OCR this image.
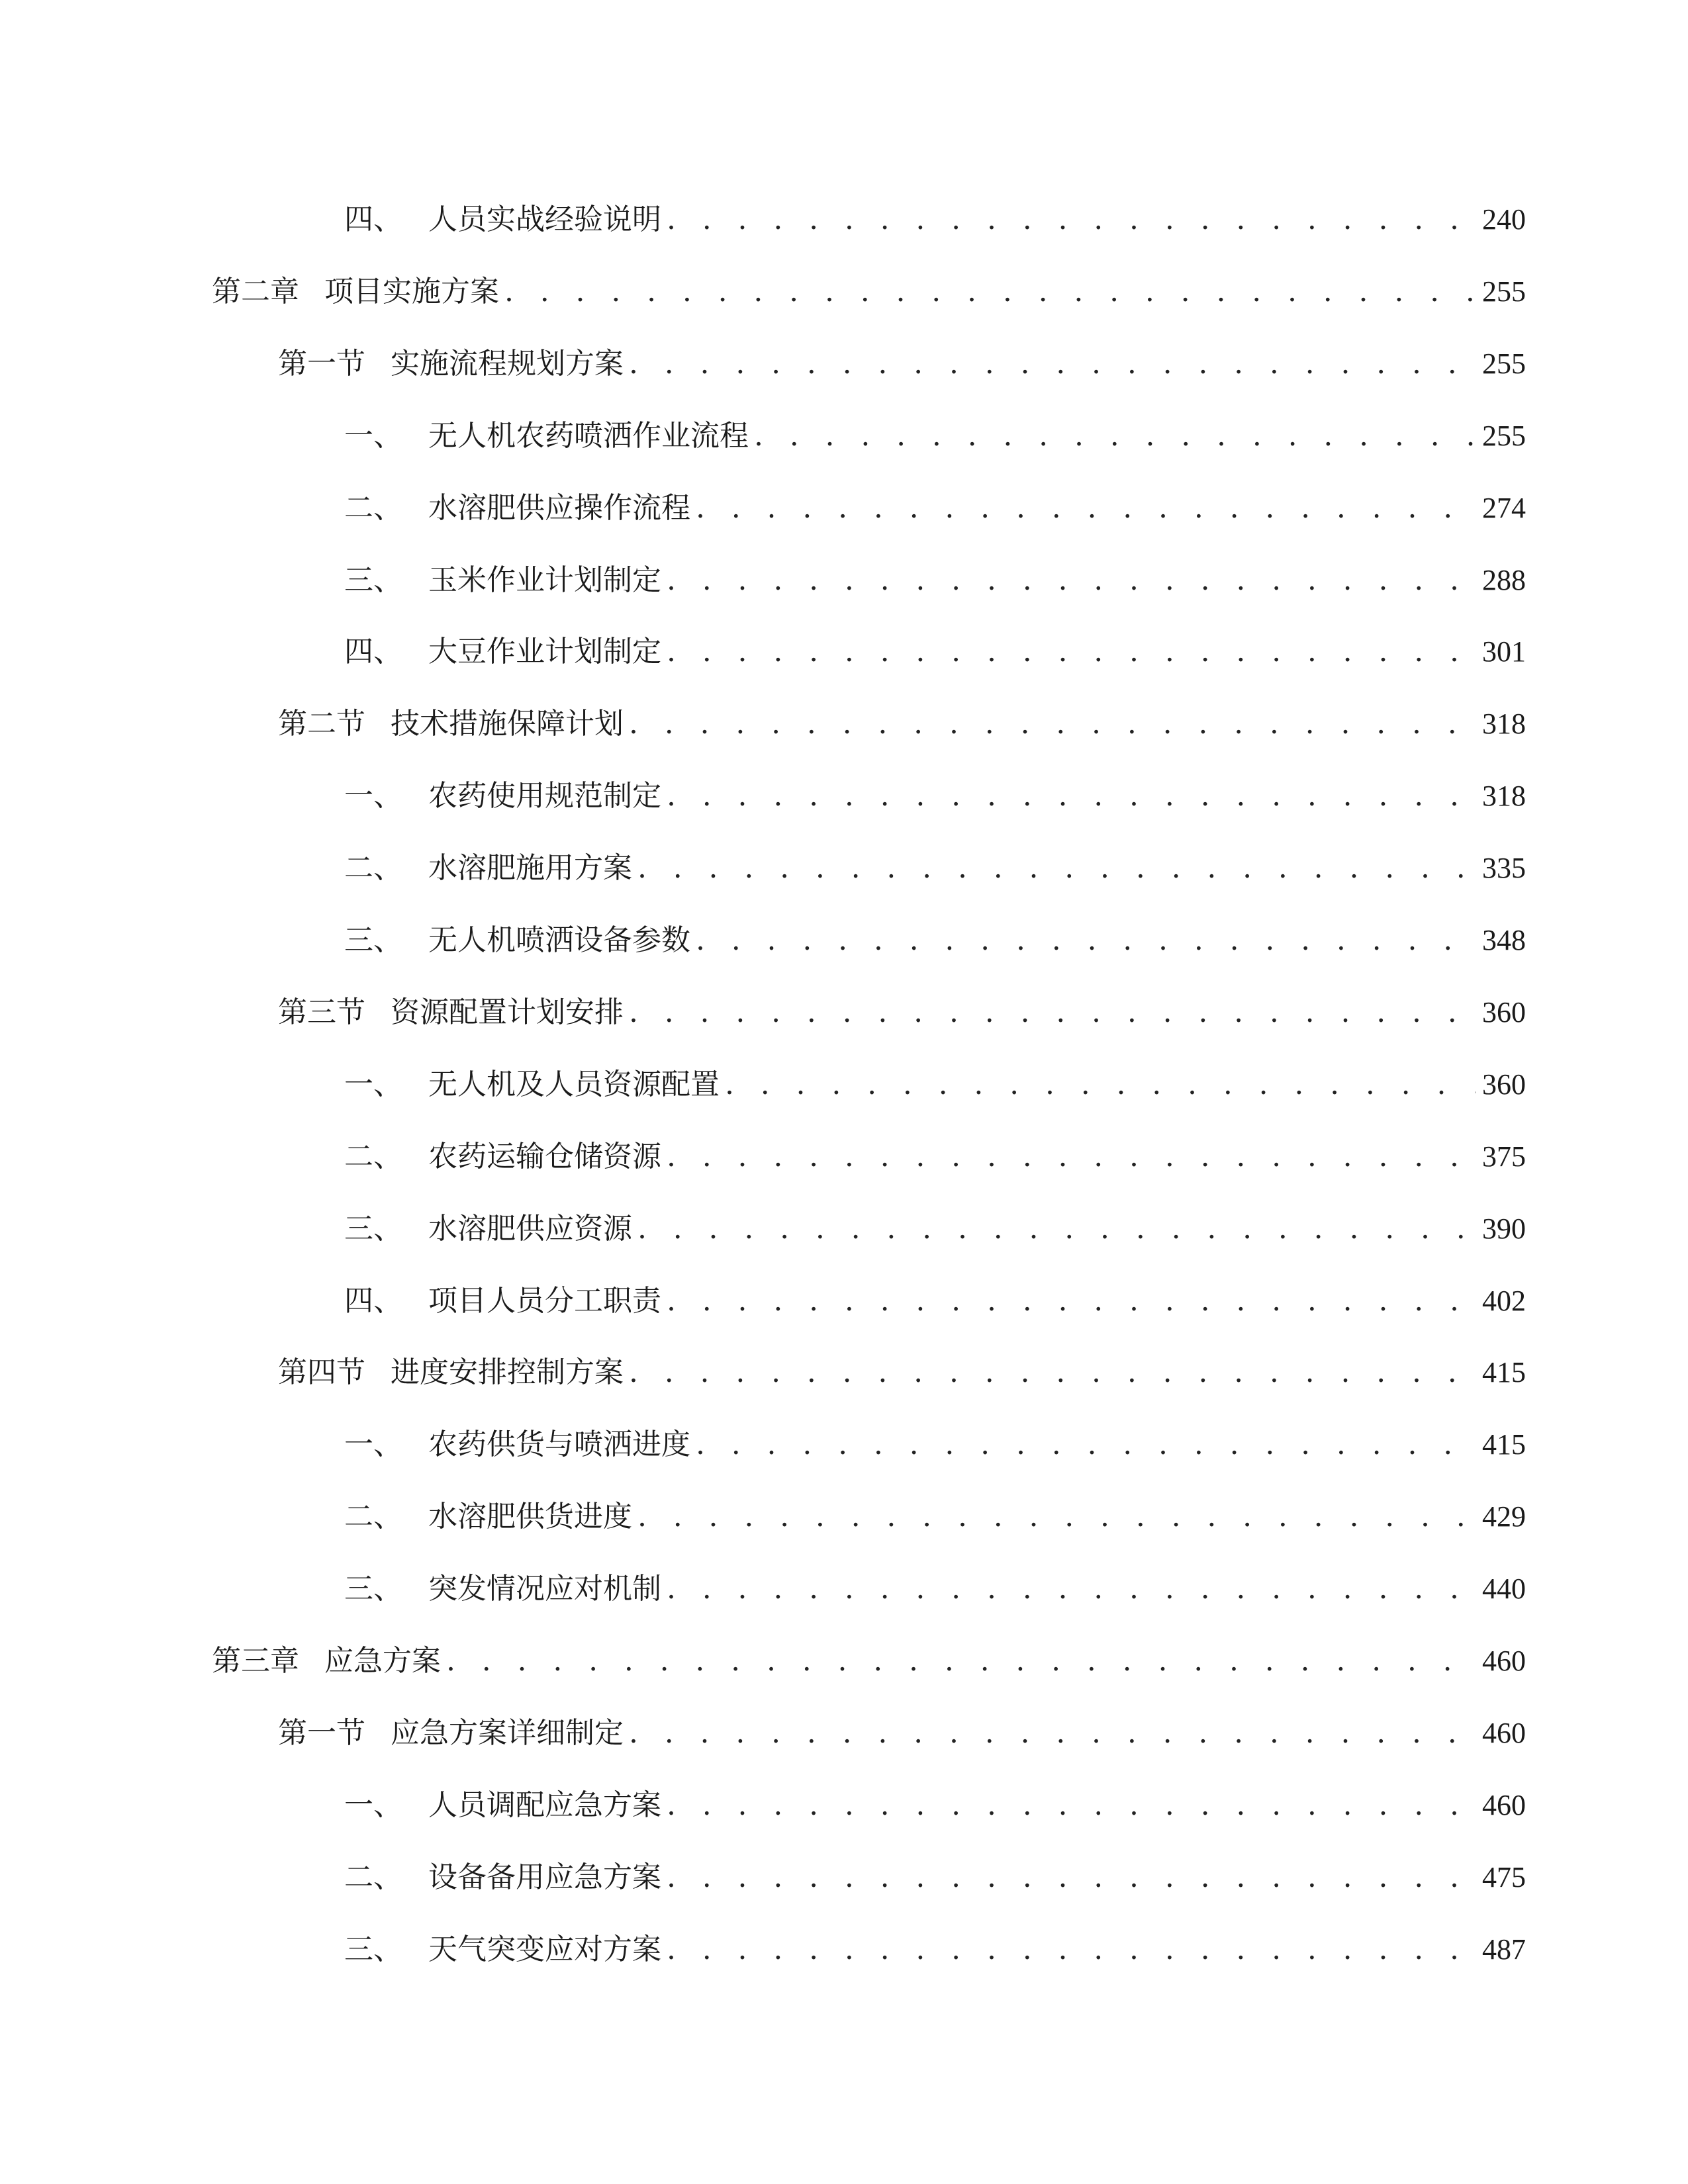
四、 人员实战经验说明 . . .	240
第二章 项目实施方案 . . .	255
第一节 实施流程规划方案 . . .	255
一、 无人机农药喷洒作业流程 . . .	255
二、 水溶肥供应操作流程 . . .	274
三、 玉米作业计划制定 . . .	288
四、 大豆作业计划制定 . . .	301
第二节 技术措施保障计划 . . .	318
一、 农药使用规范制定 . . .	318
二、 水溶肥施用方案 . . .	335
三、 无人机喷洒设备参数 . . .	348
第三节 资源配置计划安排 . . .	360
一、 无人机及人员资源配置 . . .	360
二、 农药运输仓储资源 . . .	375
三、 水溶肥供应资源 . . .	390
四、 项目人员分工职责 . . .	402
第四节 进度安排控制方案 . . .	415
一、 农药供货与喷洒进度 . . .	415
二、 水溶肥供货进度 . . .	429
三、 突发情况应对机制 . . .	440
第三章 应急方案 . . .	460
第一节 应急方案详细制定 . . .	460
一、 人员调配应急方案 . . .	460
二、 设备备用应急方案 . . .	475
三、 天气突变应对方案 . . .	487
